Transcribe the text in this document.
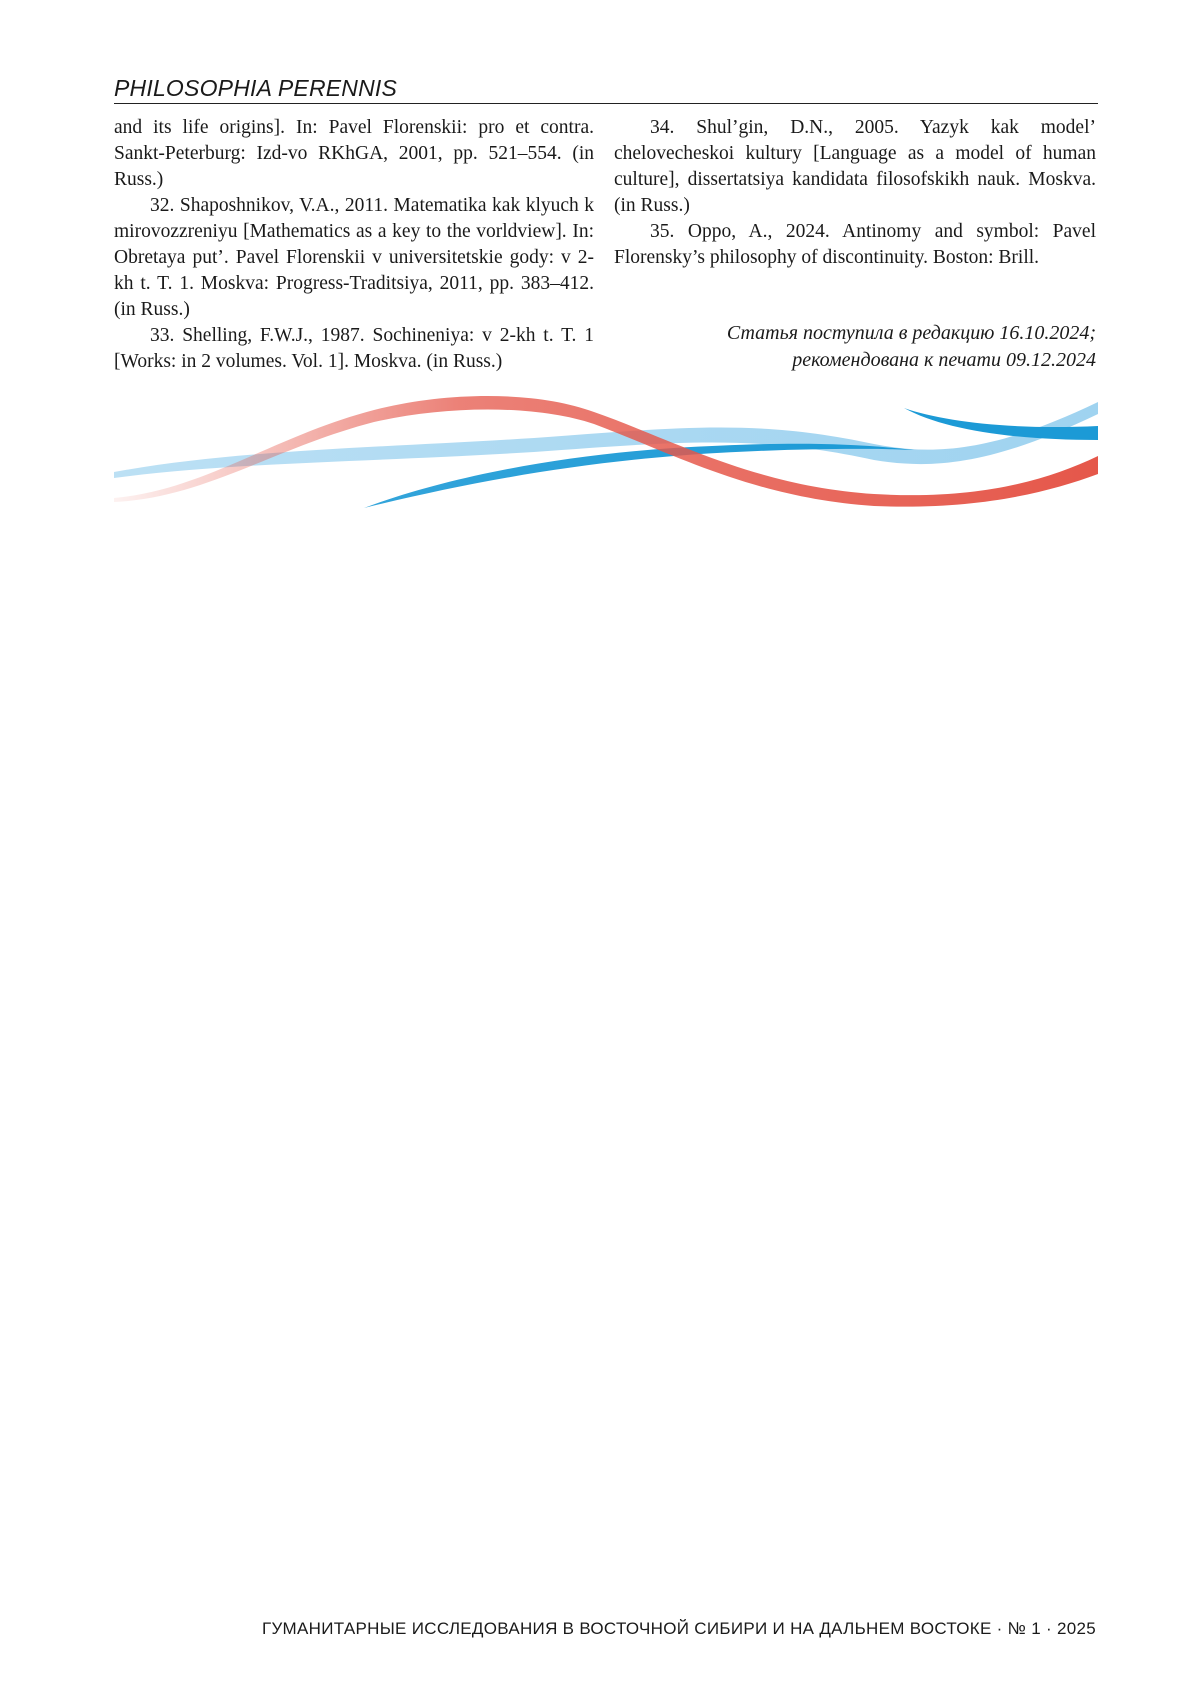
PHILOSOPHIA PERENNIS

and its life origins]. In: Pavel Florenskii: pro et contra. Sankt-Peterburg: Izd-vo RKhGA, 2001, pp. 521–554. (in Russ.)

32. Shaposhnikov, V.A., 2011. Matematika kak klyuch k mirovozzreniyu [Mathematics as a key to the vorldview]. In: Obretaya put’. Pavel Florenskii v universitetskie gody: v 2-kh t. T. 1. Moskva: Progress-Traditsiya, 2011, pp. 383–412. (in Russ.)

33. Shelling, F.W.J., 1987. Sochineniya: v 2-kh t. T. 1 [Works: in 2 volumes. Vol. 1]. Moskva. (in Russ.)

34. Shul’gin, D.N., 2005. Yazyk kak model’ chelovecheskoi kultury [Language as a model of human culture], dissertatsiya kandidata filosofskikh nauk. Moskva. (in Russ.)

35. Oppo, A., 2024. Antinomy and symbol: Pavel Florensky’s philosophy of discontinuity. Boston: Brill.

Статья поступила в редакцию 16.10.2024;
рекомендована к печати 09.12.2024
ГУМАНИТАРНЫЕ ИССЛЕДОВАНИЯ В ВОСТОЧНОЙ СИБИРИ И НА ДАЛЬНЕМ ВОСТОКЕ · № 1 · 2025
